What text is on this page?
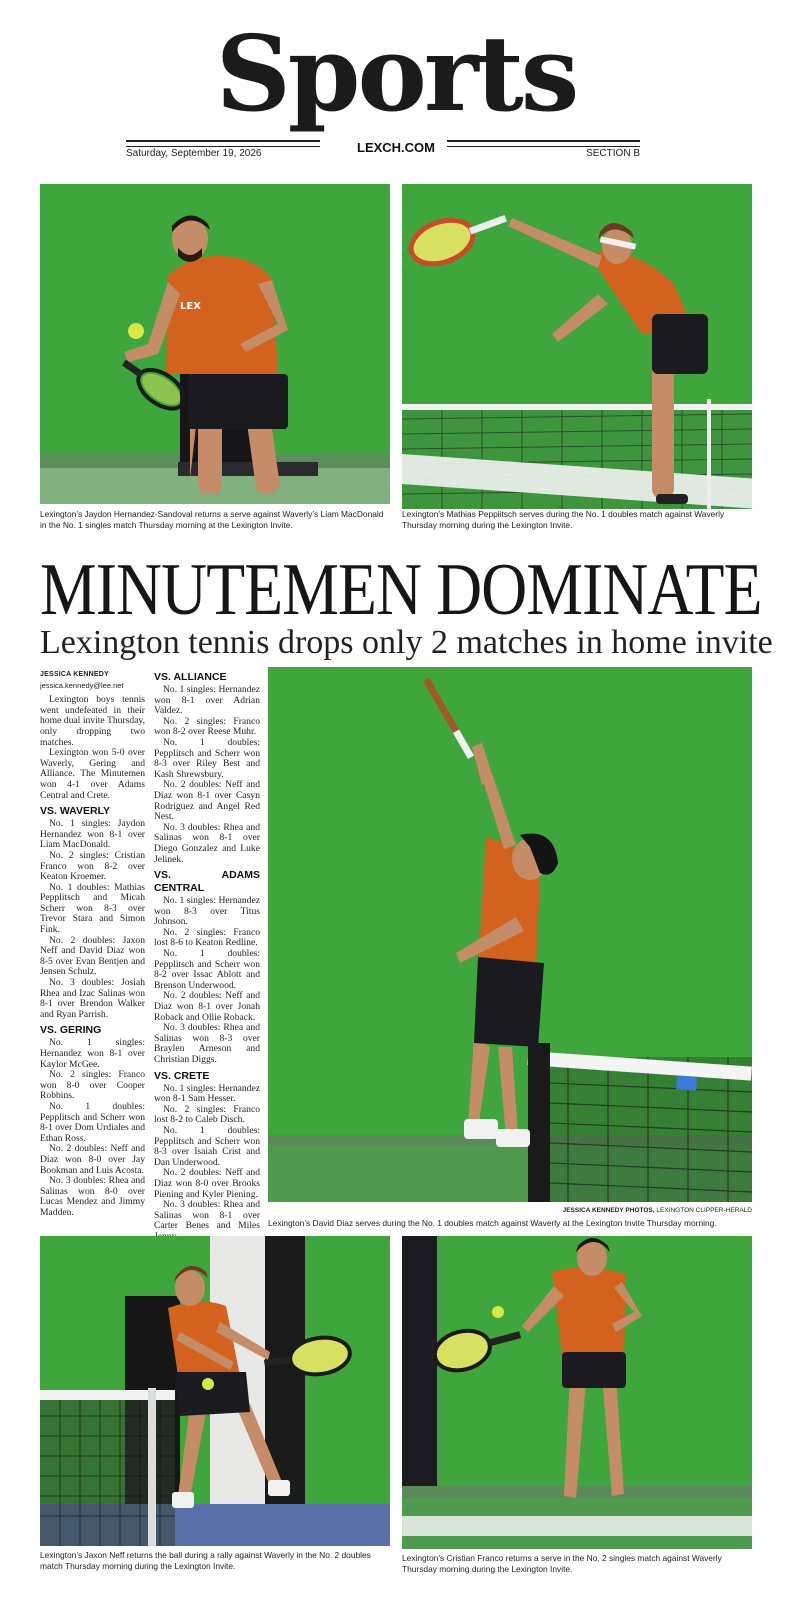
Sports
Saturday, September 19, 2026	LEXCH.COM	SECTION B
LEX
Lexington’s Jaydon Hernandez-Sandoval returns a serve against Waverly’s Liam MacDonald in the No. 1 singles match Thursday morning at the Lexington Invite.
Lexington’s Mathias Pepplitsch serves during the No. 1 doubles match against Waverly Thursday morning during the Lexington Invite.
MINUTEMEN DOMINATE
Lexington tennis drops only 2 matches in home invite
JESSICA KENNEDY
jessica.kennedy@lee.net

Lexington boys tennis went undefeated in their home dual invite Thursday, only dropping two matches.

Lexington won 5-0 over Waverly, Gering and Alliance. The Minutemen won 4-1 over Adams Central and Crete.

VS. WAVERLY

No. 1 singles: Jaydon Hernandez won 8-1 over Liam MacDonald.

No. 2 singles: Cristian Franco won 8-2 over Keaton Kroemer.

No. 1 doubles: Mathias Pepplitsch and Micah Scherr won 8-3 over Trevor Stara and Simon Fink.

No. 2 doubles: Jaxon Neff and David Diaz won 8-5 over Evan Bentjen and Jensen Schulz.

No. 3 doubles: Josiah Rhea and Izac Salinas won 8-1 over Brendon Walker and Ryan Parrish.

VS. GERING

No. 1 singles: Hernandez won 8-1 over Kaylor McGee.

No. 2 singles: Franco won 8-0 over Cooper Robbins.

No. 1 doubles: Pepplitsch and Scherr won 8-1 over Dom Urdiales and Ethan Ross.

No. 2 doubles: Neff and Diaz won 8-0 over Jay Bookman and Luis Acosta.

No. 3 doubles: Rhea and Salinas won 8-0 over Lucas Mendez and Jimmy Madden.

VS. ALLIANCE

No. 1 singles: Hernandez won 8-1 over Adrian Valdez.

No. 2 singles: Franco won 8-2 over Reese Muhr.

No. 1 doubles: Pepplitsch and Scherr won 8-3 over Riley Best and Kash Shrewsbury.

No. 2 doubles: Neff and Diaz won 8-1 over Casyn Rodriguez and Angel Red Nest.

No. 3 doubles: Rhea and Salinas won 8-1 over Diego Gonzalez and Luke Jelinek.

VS. ADAMS CENTRAL

No. 1 singles: Hernandez won 8-3 over Titus Johnson.

No. 2 singles: Franco lost 8-6 to Keaton Redline.

No. 1 doubles: Pepplitsch and Scherr won 8-2 over Issac Ablott and Brenson Underwood.

No. 2 doubles: Neff and Diaz won 8-1 over Jonah Roback and Ollie Roback.

No. 3 doubles: Rhea and Salinas won 8-3 over Braylen Arneson and Christian Diggs.

VS. CRETE

No. 1 singles: Hernandez won 8-1 Sam Hesser.

No. 2 singles: Franco lost 8-2 to Caleb Disch.

No. 1 doubles: Pepplitsch and Scherr won 8-3 over Isaiah Crist and Dan Underwood.

No. 2 doubles: Neff and Diaz won 8-0 over Brooks Piening and Kyler Piening.

No. 3 doubles: Rhea and Salinas won 8-1 over Carter Benes and Miles

JESSICA KENNEDY PHOTOS, LEXINGTON CLIPPER-HERALD
Lexington’s David Diaz serves during the No. 1 doubles match against Waverly at the Lexington Invite Thursday morning.
Lexington’s Jaxon Neff returns the ball during a rally against Waverly in the No. 2 doubles match Thursday morning during the Lexington Invite.
Lexington’s Cristian Franco returns a serve in the No. 2 singles match against Waverly Thursday morning during the Lexington Invite.
